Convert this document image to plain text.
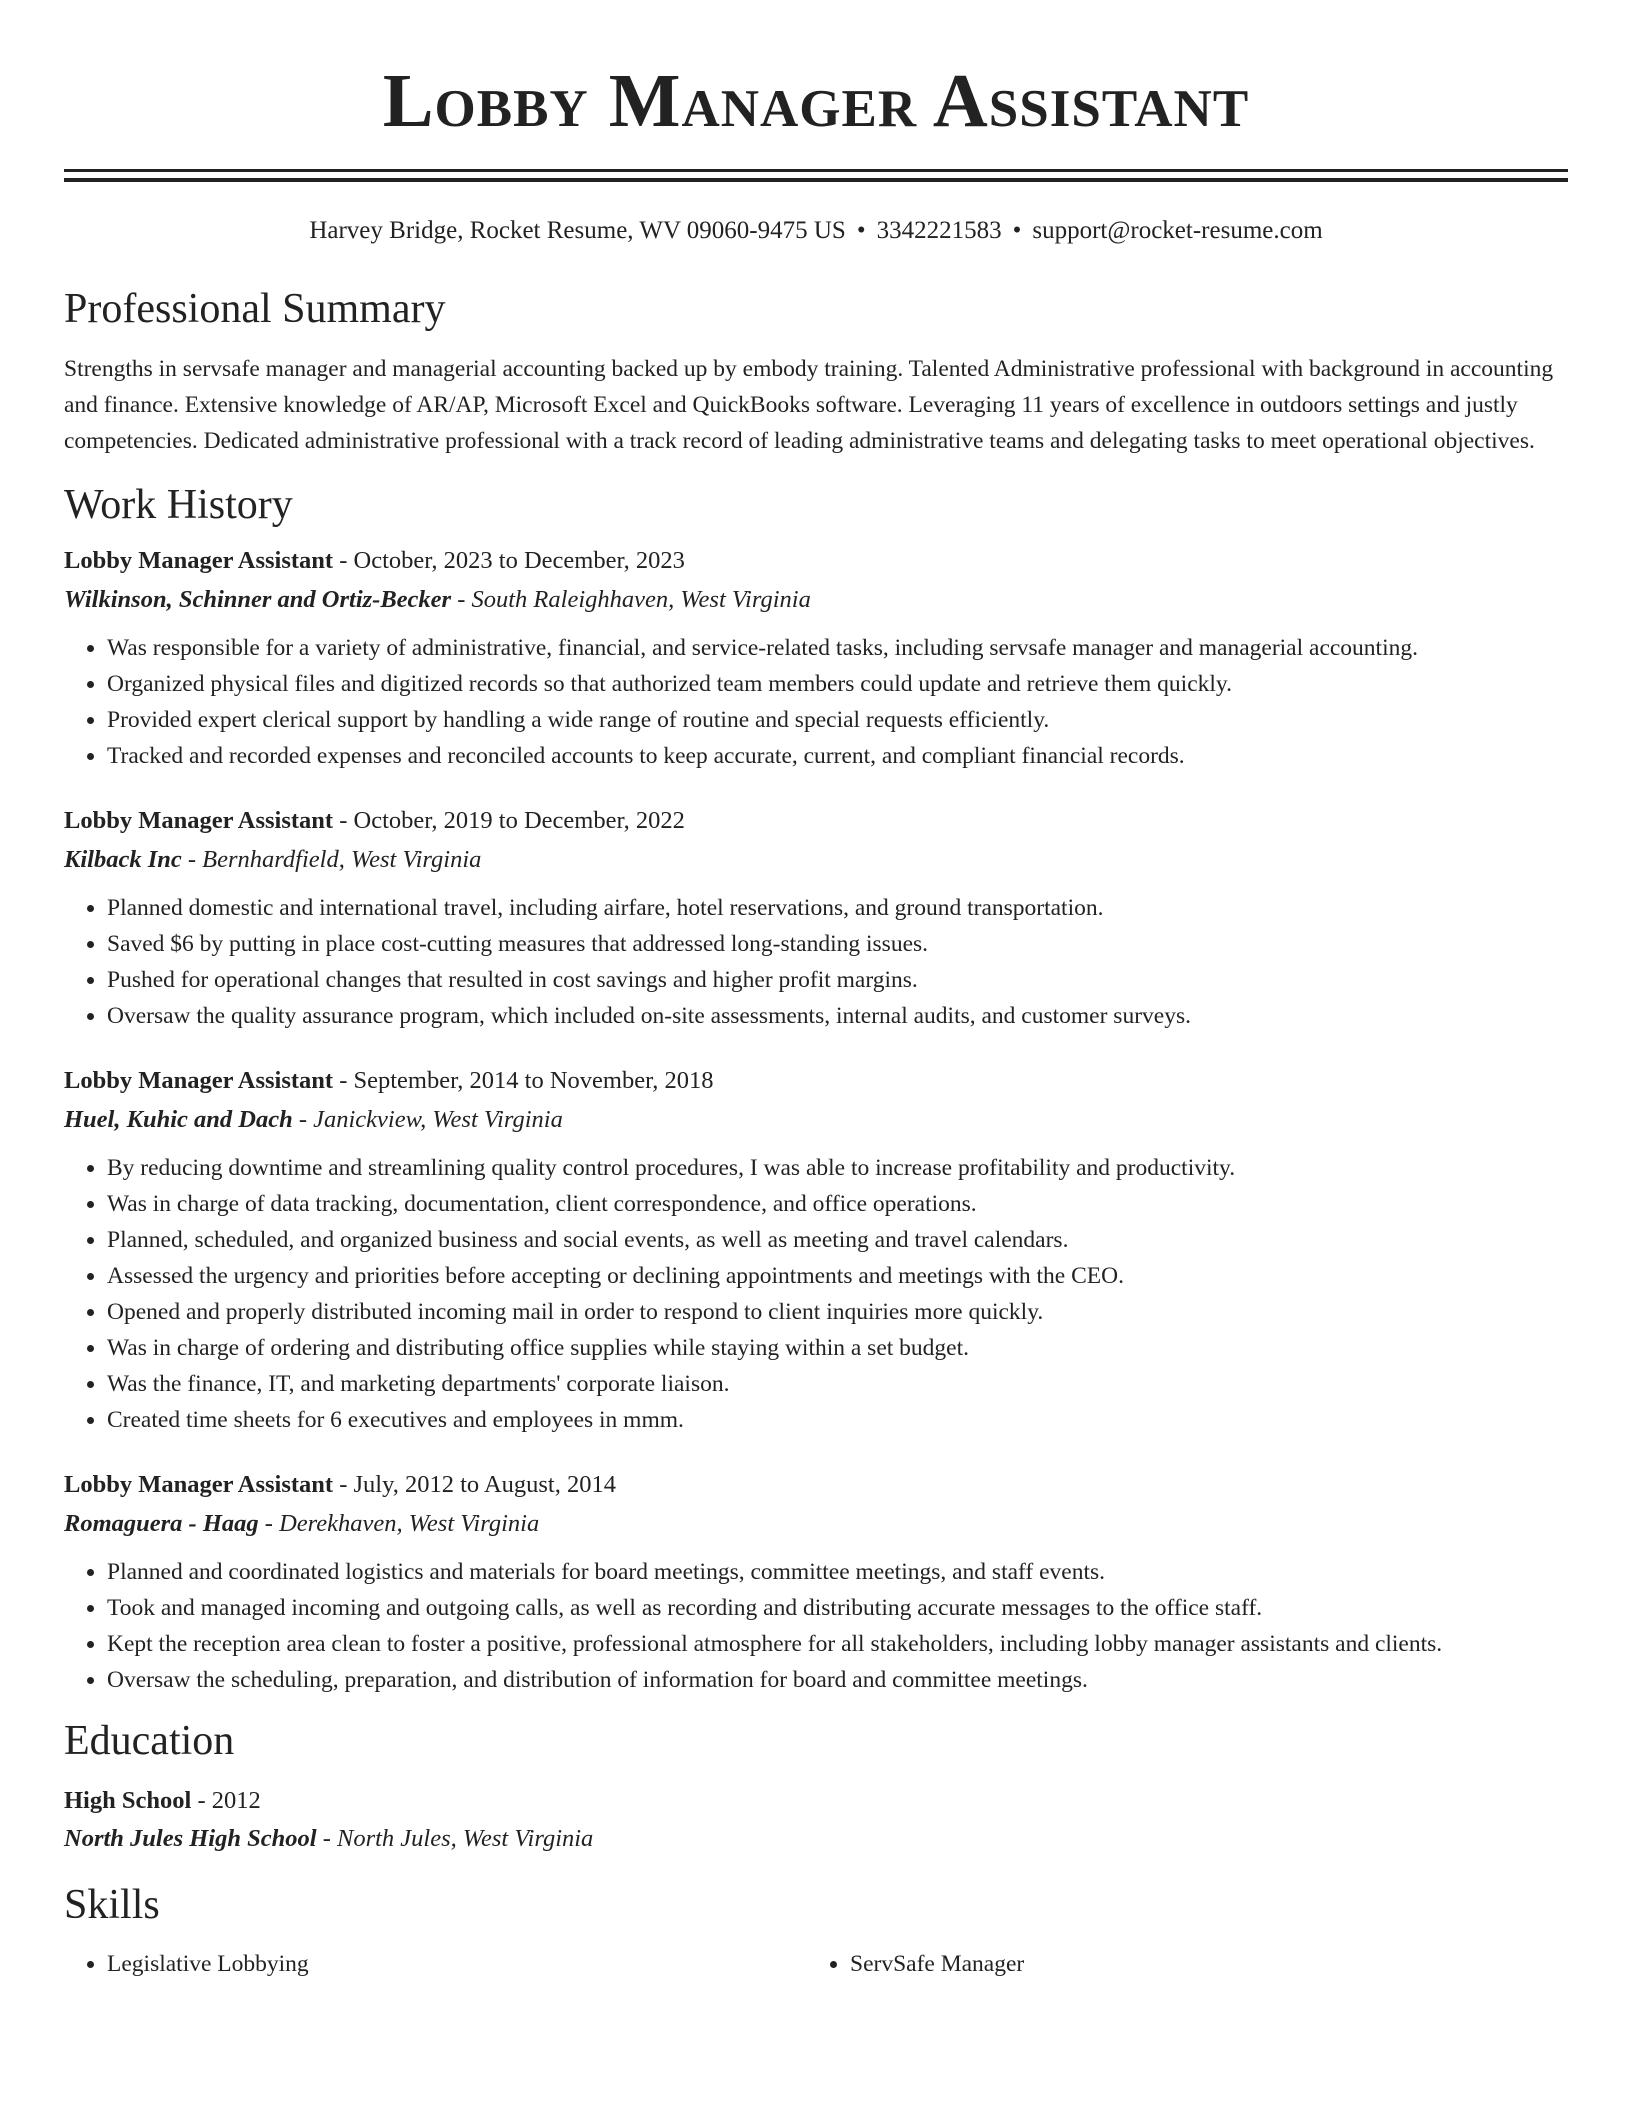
Lobby Manager Assistant
Harvey Bridge, Rocket Resume, WV 09060-9475 US • 3342221583 • support@rocket-resume.com
Professional Summary
Strengths in servsafe manager and managerial accounting backed up by embody training. Talented Administrative professional with background in accounting and finance. Extensive knowledge of AR/AP, Microsoft Excel and QuickBooks software. Leveraging 11 years of excellence in outdoors settings and justly competencies. Dedicated administrative professional with a track record of leading administrative teams and delegating tasks to meet operational objectives.
Work History
Lobby Manager Assistant - October, 2023 to December, 2023
Wilkinson, Schinner and Ortiz-Becker - South Raleighhaven, West Virginia
• Was responsible for a variety of administrative, financial, and service-related tasks, including servsafe manager and managerial accounting.
• Organized physical files and digitized records so that authorized team members could update and retrieve them quickly.
• Provided expert clerical support by handling a wide range of routine and special requests efficiently.
• Tracked and recorded expenses and reconciled accounts to keep accurate, current, and compliant financial records.
Lobby Manager Assistant - October, 2019 to December, 2022
Kilback Inc - Bernhardfield, West Virginia
• Planned domestic and international travel, including airfare, hotel reservations, and ground transportation.
• Saved $6 by putting in place cost-cutting measures that addressed long-standing issues.
• Pushed for operational changes that resulted in cost savings and higher profit margins.
• Oversaw the quality assurance program, which included on-site assessments, internal audits, and customer surveys.
Lobby Manager Assistant - September, 2014 to November, 2018
Huel, Kuhic and Dach - Janickview, West Virginia
• By reducing downtime and streamlining quality control procedures, I was able to increase profitability and productivity.
• Was in charge of data tracking, documentation, client correspondence, and office operations.
• Planned, scheduled, and organized business and social events, as well as meeting and travel calendars.
• Assessed the urgency and priorities before accepting or declining appointments and meetings with the CEO.
• Opened and properly distributed incoming mail in order to respond to client inquiries more quickly.
• Was in charge of ordering and distributing office supplies while staying within a set budget.
• Was the finance, IT, and marketing departments' corporate liaison.
• Created time sheets for 6 executives and employees in mmm.
Lobby Manager Assistant - July, 2012 to August, 2014
Romaguera - Haag - Derekhaven, West Virginia
• Planned and coordinated logistics and materials for board meetings, committee meetings, and staff events.
• Took and managed incoming and outgoing calls, as well as recording and distributing accurate messages to the office staff.
• Kept the reception area clean to foster a positive, professional atmosphere for all stakeholders, including lobby manager assistants and clients.
• Oversaw the scheduling, preparation, and distribution of information for board and committee meetings.
Education
High School - 2012
North Jules High School - North Jules, West Virginia
Skills
• Legislative Lobbying
•	ServSafe Manager
